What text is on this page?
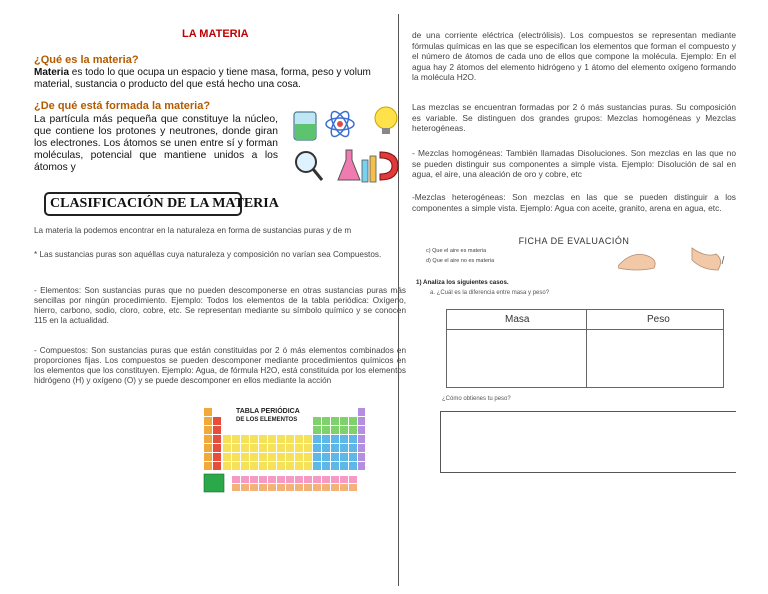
LA MATERIA
¿Qué es la materia?
Materia es todo lo que ocupa un espacio y tiene masa, forma, peso y volum
material, sustancia o producto del que está hecho una cosa.
¿De qué está formada la materia?
La partícula más pequeña que constituye la núcleo, que contiene los protones y neutrones, donde giran los electrones. Los átomos se unen entre sí y forman moléculas, potencial que mantiene unidos a los átomos y
CLASIFICACIÓN DE LA MATERIA
La materia la podemos encontrar en la naturaleza en forma de sustancias puras y de m
* Las sustancias puras son aquéllas cuya naturaleza y composición no varían sea Compuestos.
- Elementos: Son sustancias puras que no pueden descomponerse en otras sustancias puras más sencillas por ningún procedimiento. Ejemplo: Todos los elementos de la tabla periódica: Oxígeno, hierro, carbono, sodio, cloro, cobre, etc. Se representan mediante su símbolo químico y se conocen 115 en la actualidad.
- Compuestos: Son sustancias puras que están constituidas por 2 ó más elementos combinados en proporciones fijas. Los compuestos se pueden descomponer mediante procedimientos químicos en los elementos que los constituyen. Ejemplo: Agua, de fórmula H2O, está constituida por los elementos hidrógeno (H) y oxígeno (O) y se puede descomponer en ellos mediante la acción
TABLA PERIÓDICA
DE LOS ELEMENTOS
de una corriente eléctrica (electrólisis). Los compuestos se representan mediante fórmulas químicas en las que se especifican los elementos que forman el compuesto y el número de átomos de cada uno de ellos que compone la molécula. Ejemplo: En el agua hay 2 átomos del elemento hidrógeno y 1 átomo del elemento oxígeno formando la molécula H2O.
Las mezclas se encuentran formadas por 2 ó más sustancias puras. Su composición es variable. Se distinguen dos grandes grupos: Mezclas homogéneas y Mezclas heterogéneas.
- Mezclas homogéneas: También llamadas Disoluciones. Son mezclas en las que no se pueden distinguir sus componentes a simple vista. Ejemplo: Disolución de sal en agua, el aire, una aleación de oro y cobre, etc
-Mezclas heterogéneas: Son mezclas en las que se pueden distinguir a los componentes a simple vista. Ejemplo: Agua con aceite, granito, arena en agua, etc.
FICHA DE EVALUACIÓN
c) Que el aire es materia
d) Que el aire no es materia
1) Analiza los siguientes casos.
a. ¿Cuál es la diferencia entre masa y peso?
Masa	Peso
¿Cómo obtienes tu peso?
